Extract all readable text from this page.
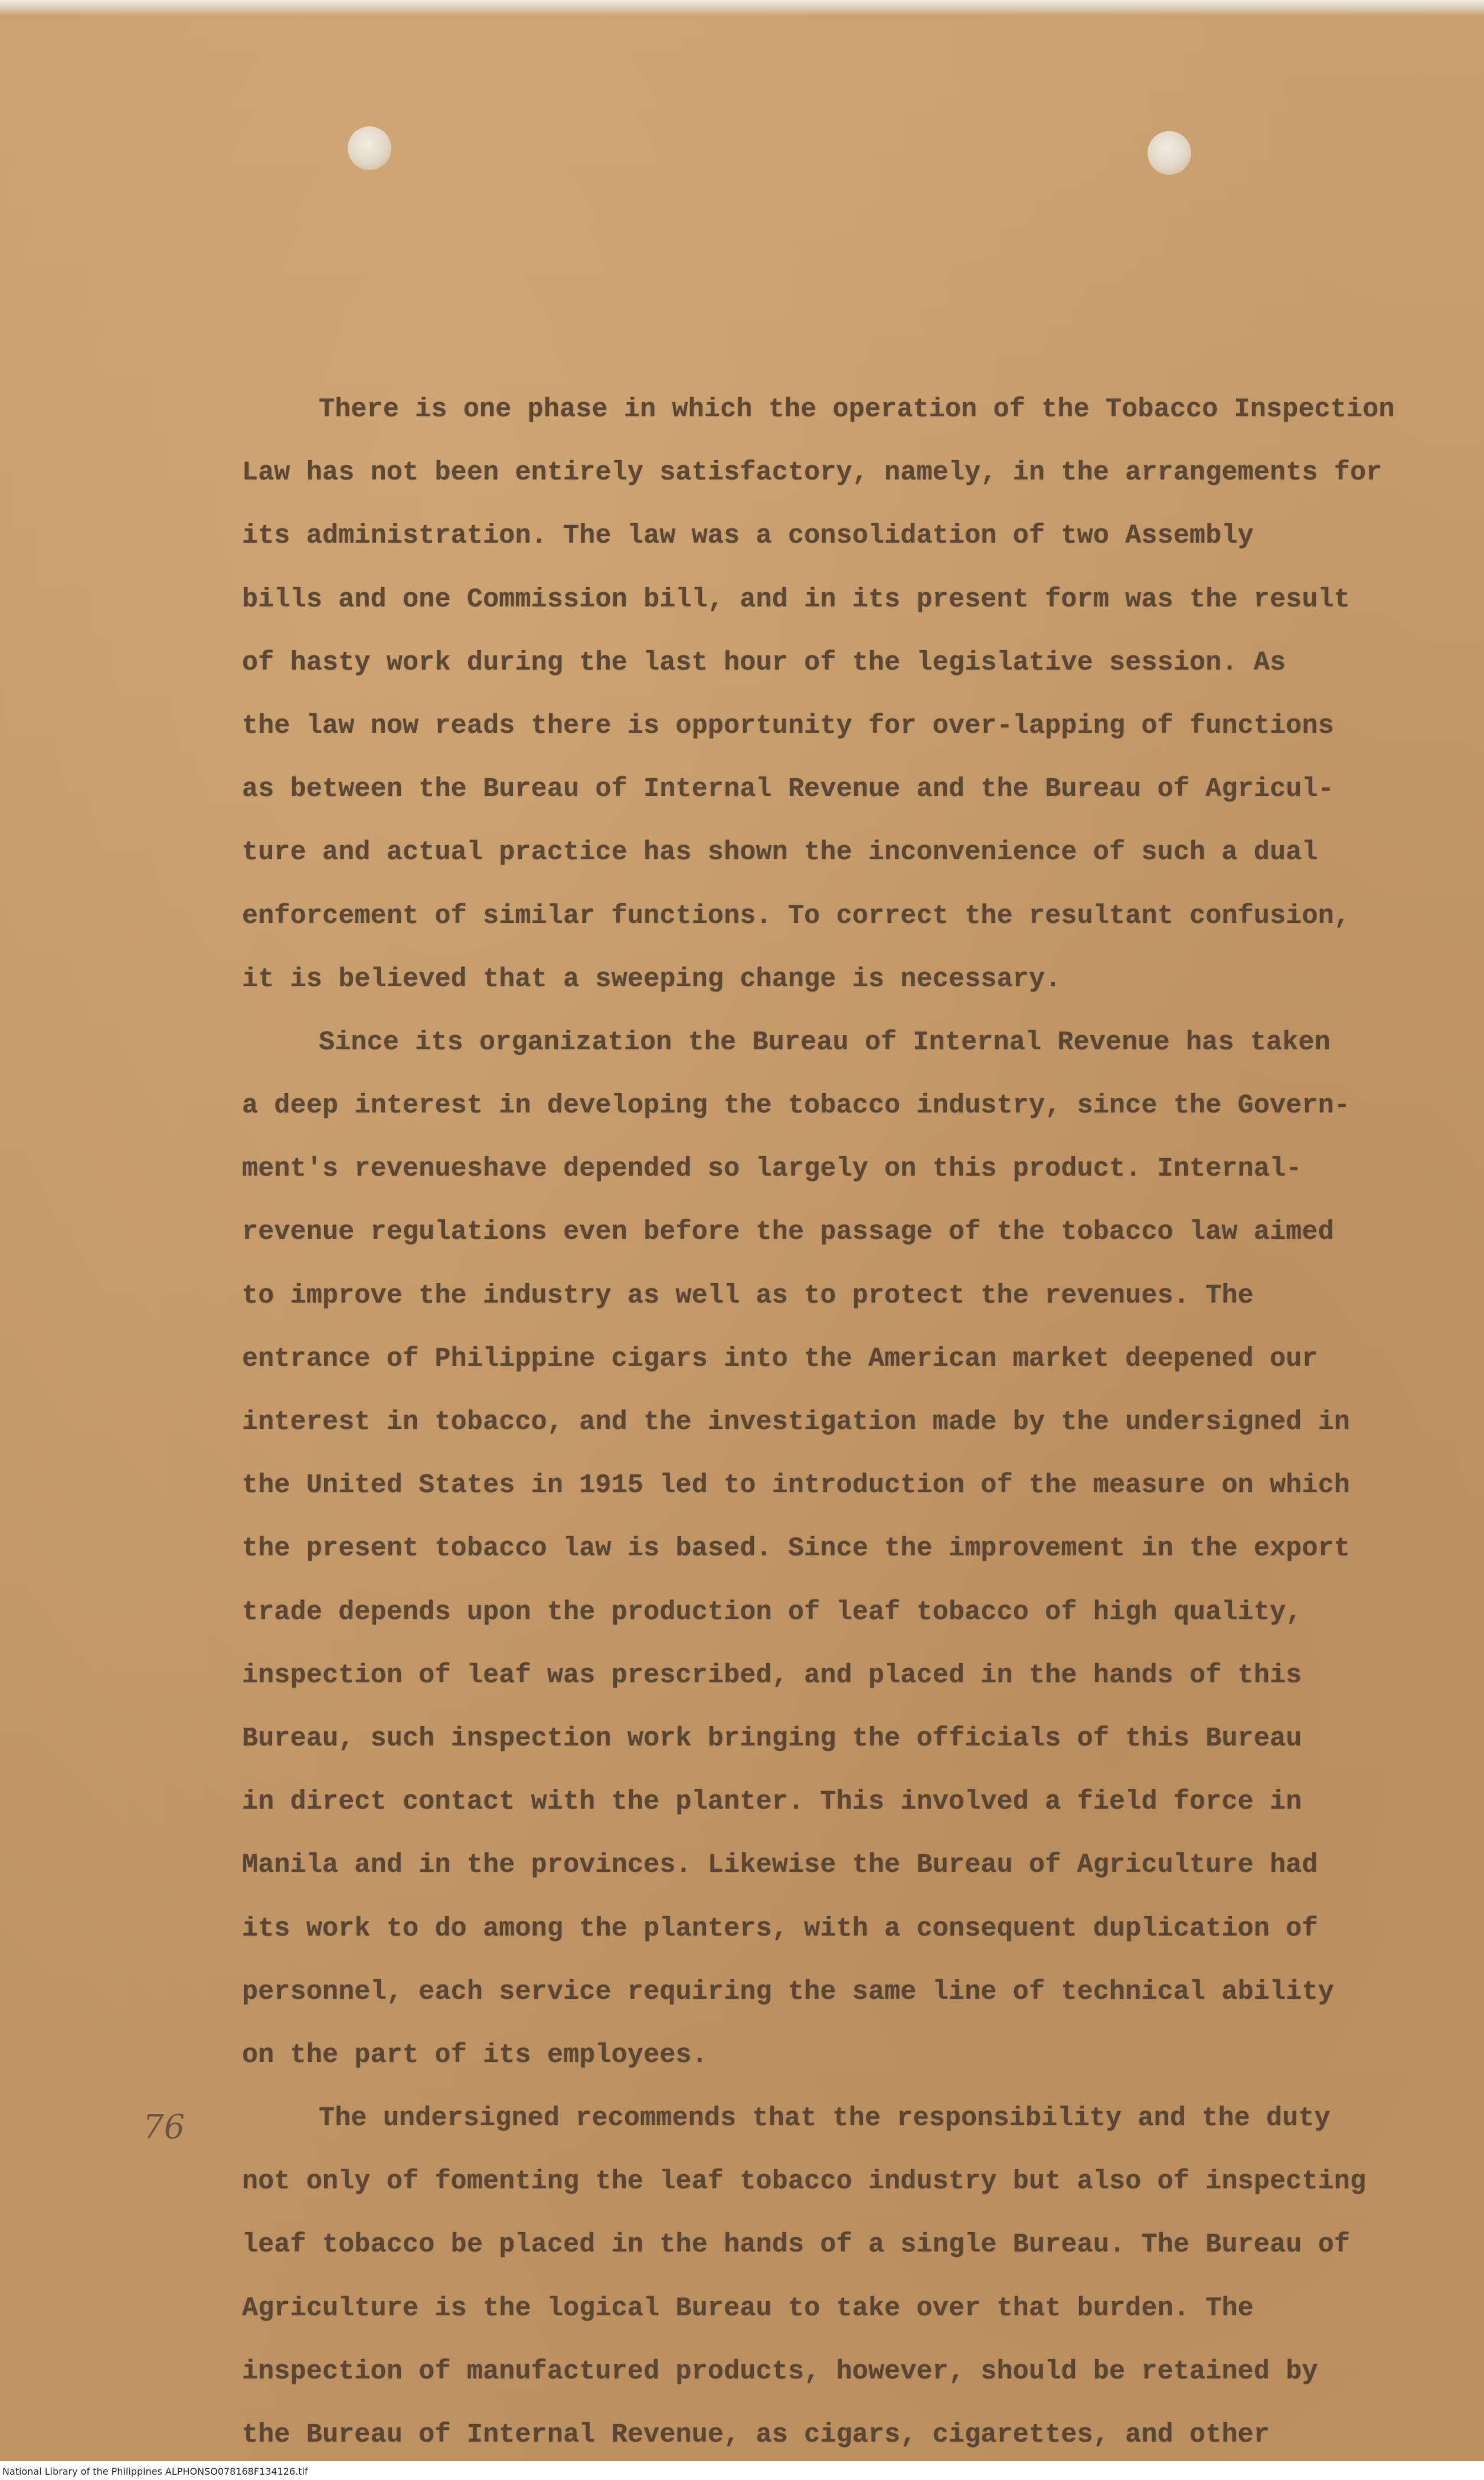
There is one phase in which the operation of the Tobacco Inspection
Law has not been entirely satisfactory, namely, in the arrangements for
its administration. The law was a consolidation of two Assembly
bills and one Commission bill, and in its present form was the result
of hasty work during the last hour of the legislative session. As
the law now reads there is opportunity for over-lapping of functions
as between the Bureau of Internal Revenue and the Bureau of Agricul-
ture and actual practice has shown the inconvenience of such a dual
enforcement of similar functions. To correct the resultant confusion,
it is believed that a sweeping change is necessary.
Since its organization the Bureau of Internal Revenue has taken
a deep interest in developing the tobacco industry, since the Govern-
ment's revenueshave depended so largely on this product. Internal-
revenue regulations even before the passage of the tobacco law aimed
to improve the industry as well as to protect the revenues. The
entrance of Philippine cigars into the American market deepened our
interest in tobacco, and the investigation made by the undersigned in
the United States in 1915 led to introduction of the measure on which
the present tobacco law is based. Since the improvement in the export
trade depends upon the production of leaf tobacco of high quality,
inspection of leaf was prescribed, and placed in the hands of this
Bureau, such inspection work bringing the officials of this Bureau
in direct contact with the planter. This involved a field force in
Manila and in the provinces. Likewise the Bureau of Agriculture had
its work to do among the planters, with a consequent duplication of
personnel, each service requiring the same line of technical ability
on the part of its employees.
The undersigned recommends that the responsibility and the duty
not only of fomenting the leaf tobacco industry but also of inspecting
leaf tobacco be placed in the hands of a single Bureau. The Bureau of
Agriculture is the logical Bureau to take over that burden. The
inspection of manufactured products, however, should be retained by
the Bureau of Internal Revenue, as cigars, cigarettes, and other
76
National Library of the Philippines ALPHONSO078168F134126.tif
